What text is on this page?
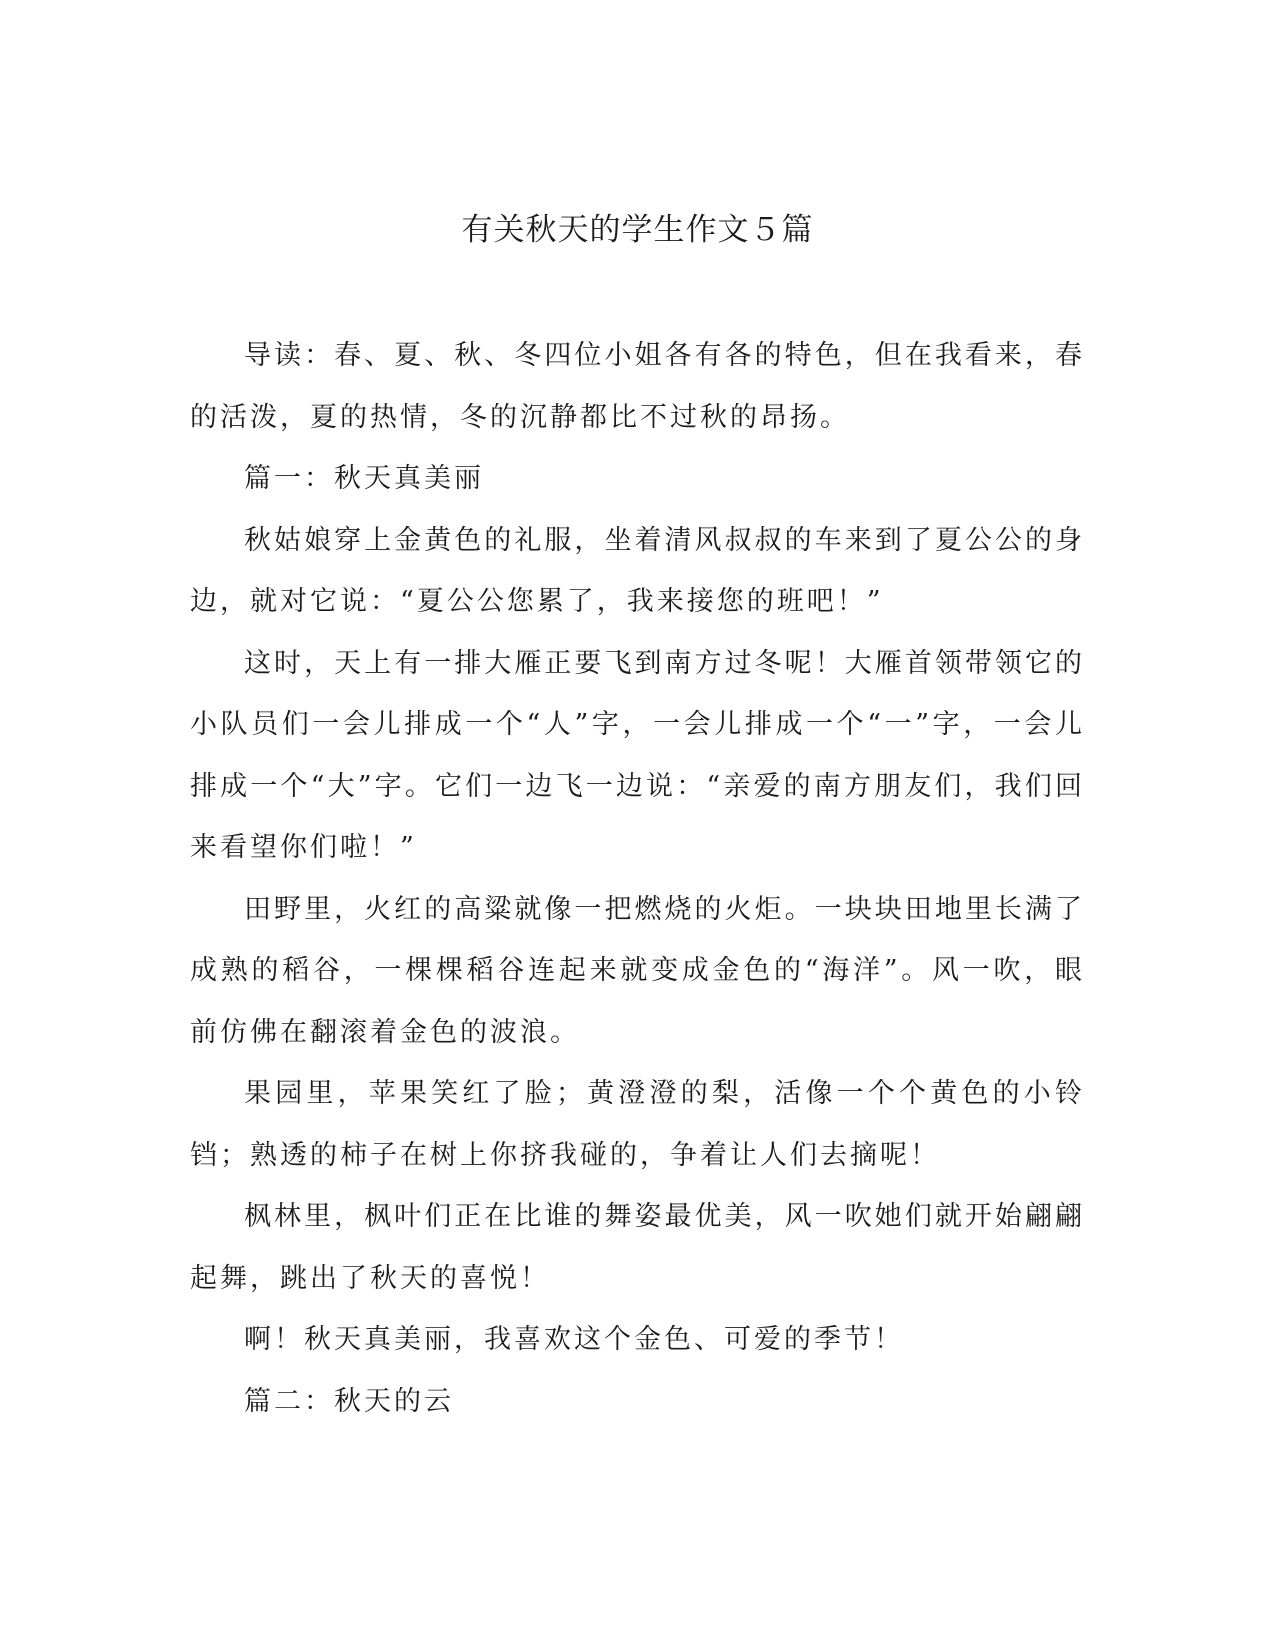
有关秋天的学生作文５篇

导读：春、夏、秋、冬四位小姐各有各的特色，但在我看来，春的活泼，夏的热情，冬的沉静都比不过秋的昂扬。

篇一：秋天真美丽

秋姑娘穿上金黄色的礼服，坐着清风叔叔的车来到了夏公公的身边，就对它说：“夏公公您累了，我来接您的班吧！”

这时，天上有一排大雁正要飞到南方过冬呢！大雁首领带领它的小队员们一会儿排成一个“人”字，一会儿排成一个“一”字，一会儿排成一个“大”字。它们一边飞一边说：“亲爱的南方朋友们，我们回来看望你们啦！”

田野里，火红的高粱就像一把燃烧的火炬。一块块田地里长满了成熟的稻谷，一棵棵稻谷连起来就变成金色的“海洋”。风一吹，眼前仿佛在翻滚着金色的波浪。

果园里，苹果笑红了脸；黄澄澄的梨，活像一个个黄色的小铃铛；熟透的柿子在树上你挤我碰的，争着让人们去摘呢！

枫林里，枫叶们正在比谁的舞姿最优美，风一吹她们就开始翩翩起舞，跳出了秋天的喜悦！

啊！秋天真美丽，我喜欢这个金色、可爱的季节！

篇二：秋天的云
